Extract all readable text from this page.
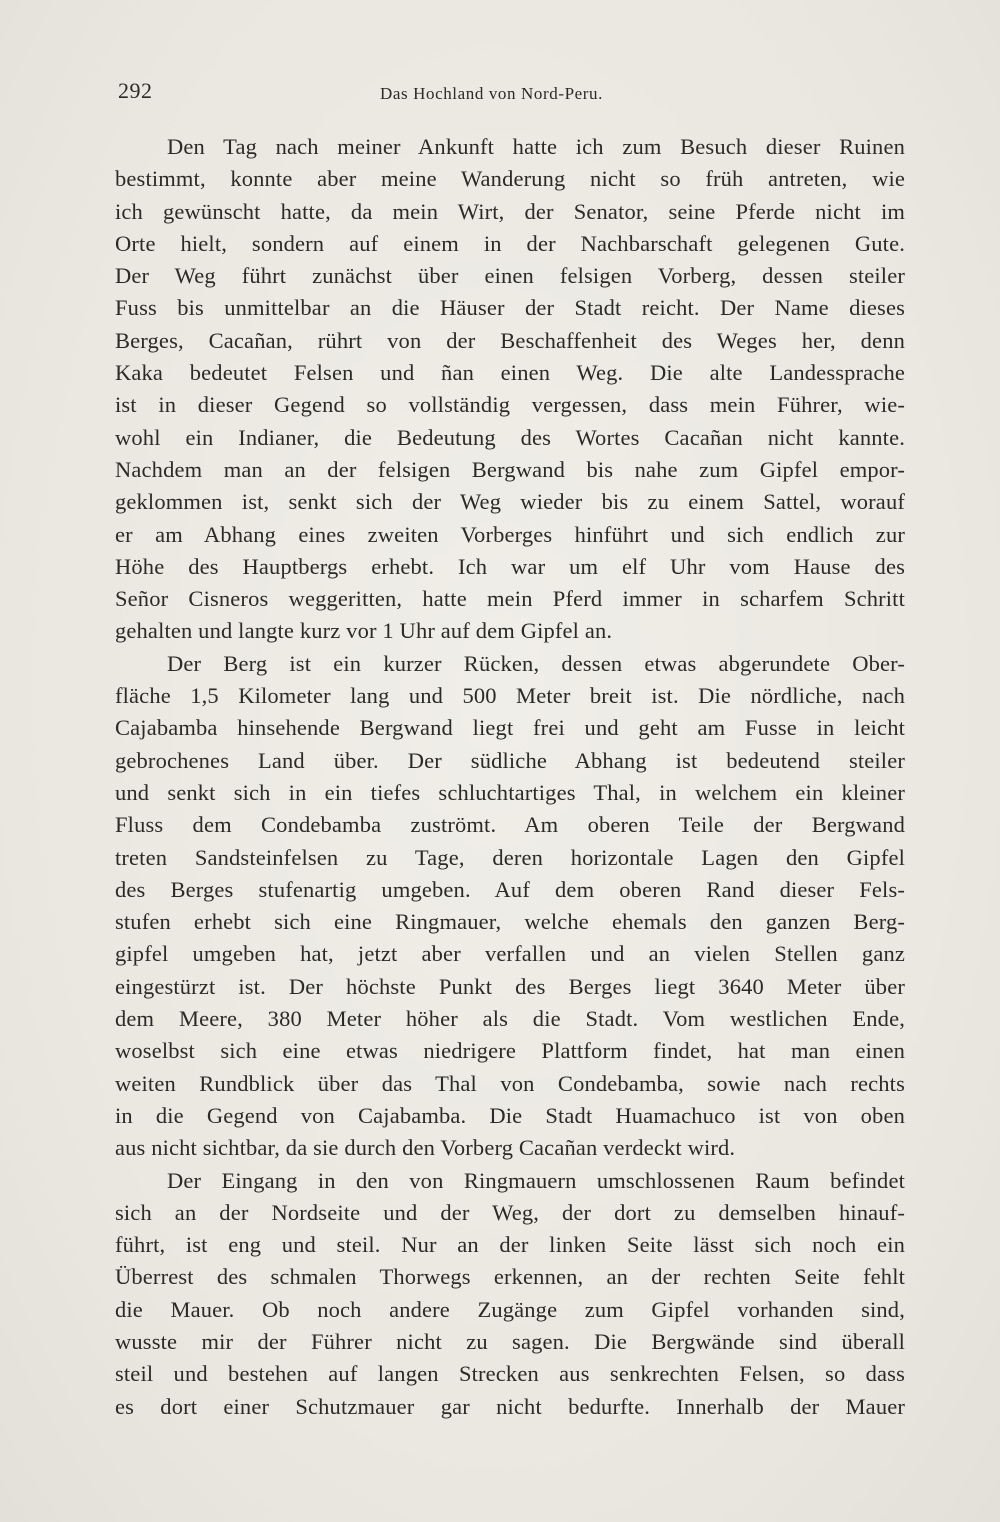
292	Das Hochland von Nord-Peru.
Den Tag nach meiner Ankunft hatte ich zum Besuch dieser Ruinen
bestimmt, konnte aber meine Wanderung nicht so früh antreten, wie
ich gewünscht hatte, da mein Wirt, der Senator, seine Pferde nicht im
Orte hielt, sondern auf einem in der Nachbarschaft gelegenen Gute.
Der Weg führt zunächst über einen felsigen Vorberg, dessen steiler
Fuss bis unmittelbar an die Häuser der Stadt reicht. Der Name dieses
Berges, Cacañan, rührt von der Beschaffenheit des Weges her, denn
Kaka bedeutet Felsen und ñan einen Weg. Die alte Landessprache
ist in dieser Gegend so vollständig vergessen, dass mein Führer, wie-
wohl ein Indianer, die Bedeutung des Wortes Cacañan nicht kannte.
Nachdem man an der felsigen Bergwand bis nahe zum Gipfel empor-
geklommen ist, senkt sich der Weg wieder bis zu einem Sattel, worauf
er am Abhang eines zweiten Vorberges hinführt und sich endlich zur
Höhe des Hauptbergs erhebt. Ich war um elf Uhr vom Hause des
Señor Cisneros weggeritten, hatte mein Pferd immer in scharfem Schritt
gehalten und langte kurz vor 1 Uhr auf dem Gipfel an.
Der Berg ist ein kurzer Rücken, dessen etwas abgerundete Ober-
fläche 1,5 Kilometer lang und 500 Meter breit ist. Die nördliche, nach
Cajabamba hinsehende Bergwand liegt frei und geht am Fusse in leicht
gebrochenes Land über. Der südliche Abhang ist bedeutend steiler
und senkt sich in ein tiefes schluchtartiges Thal, in welchem ein kleiner
Fluss dem Condebamba zuströmt. Am oberen Teile der Bergwand
treten Sandsteinfelsen zu Tage, deren horizontale Lagen den Gipfel
des Berges stufenartig umgeben. Auf dem oberen Rand dieser Fels-
stufen erhebt sich eine Ringmauer, welche ehemals den ganzen Berg-
gipfel umgeben hat, jetzt aber verfallen und an vielen Stellen ganz
eingestürzt ist. Der höchste Punkt des Berges liegt 3640 Meter über
dem Meere, 380 Meter höher als die Stadt. Vom westlichen Ende,
woselbst sich eine etwas niedrigere Plattform findet, hat man einen
weiten Rundblick über das Thal von Condebamba, sowie nach rechts
in die Gegend von Cajabamba. Die Stadt Huamachuco ist von oben
aus nicht sichtbar, da sie durch den Vorberg Cacañan verdeckt wird.
Der Eingang in den von Ringmauern umschlossenen Raum befindet
sich an der Nordseite und der Weg, der dort zu demselben hinauf-
führt, ist eng und steil. Nur an der linken Seite lässt sich noch ein
Überrest des schmalen Thorwegs erkennen, an der rechten Seite fehlt
die Mauer. Ob noch andere Zugänge zum Gipfel vorhanden sind,
wusste mir der Führer nicht zu sagen. Die Bergwände sind überall
steil und bestehen auf langen Strecken aus senkrechten Felsen, so dass
es dort einer Schutzmauer gar nicht bedurfte. Innerhalb der Mauer
